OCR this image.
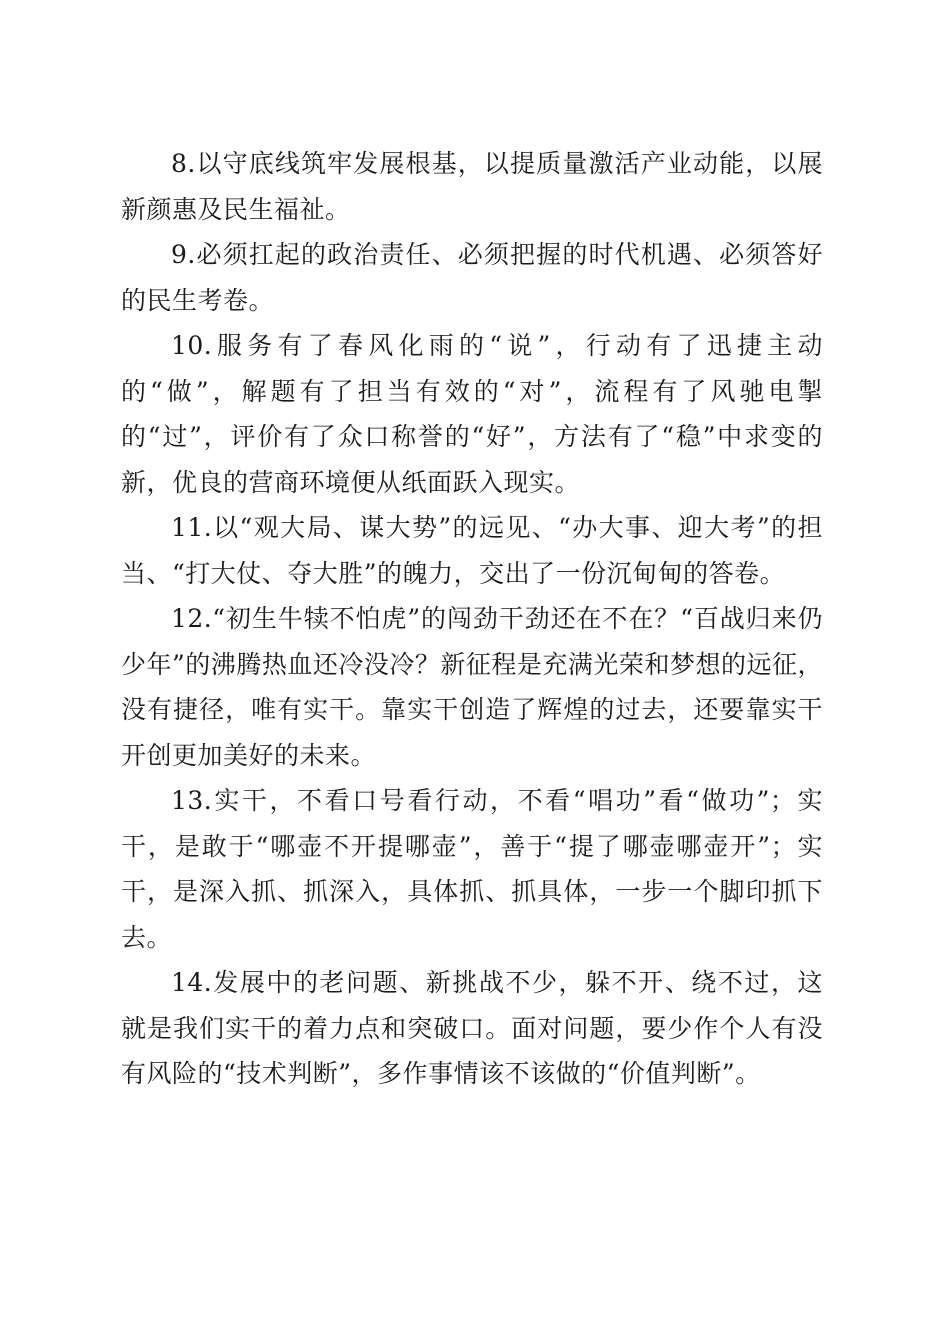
8.以守底线筑牢发展根基，以提质量激活产业动能，以展新颜惠及民生福祉。

9.必须扛起的政治责任、必须把握的时代机遇、必须答好的民生考卷。

10.服务有了春风化雨的“说”，行动有了迅捷主动的“做”，解题有了担当有效的“对”，流程有了风驰电掣的“过”，评价有了众口称誉的“好”，方法有了“稳”中求变的新，优良的营商环境便从纸面跃入现实。

11.以“观大局、谋大势”的远见、“办大事、迎大考”的担当、“打大仗、夺大胜”的魄力，交出了一份沉甸甸的答卷。

12.“初生牛犊不怕虎”的闯劲干劲还在不在？“百战归来仍少年”的沸腾热血还冷没冷？新征程是充满光荣和梦想的远征，没有捷径，唯有实干。靠实干创造了辉煌的过去，还要靠实干开创更加美好的未来。

13.实干，不看口号看行动，不看“唱功”看“做功”；实干，是敢于“哪壶不开提哪壶”，善于“提了哪壶哪壶开”；实干，是深入抓、抓深入，具体抓、抓具体，一步一个脚印抓下去。

14.发展中的老问题、新挑战不少，躲不开、绕不过，这就是我们实干的着力点和突破口。面对问题，要少作个人有没有风险的“技术判断”，多作事情该不该做的“价值判断”。
